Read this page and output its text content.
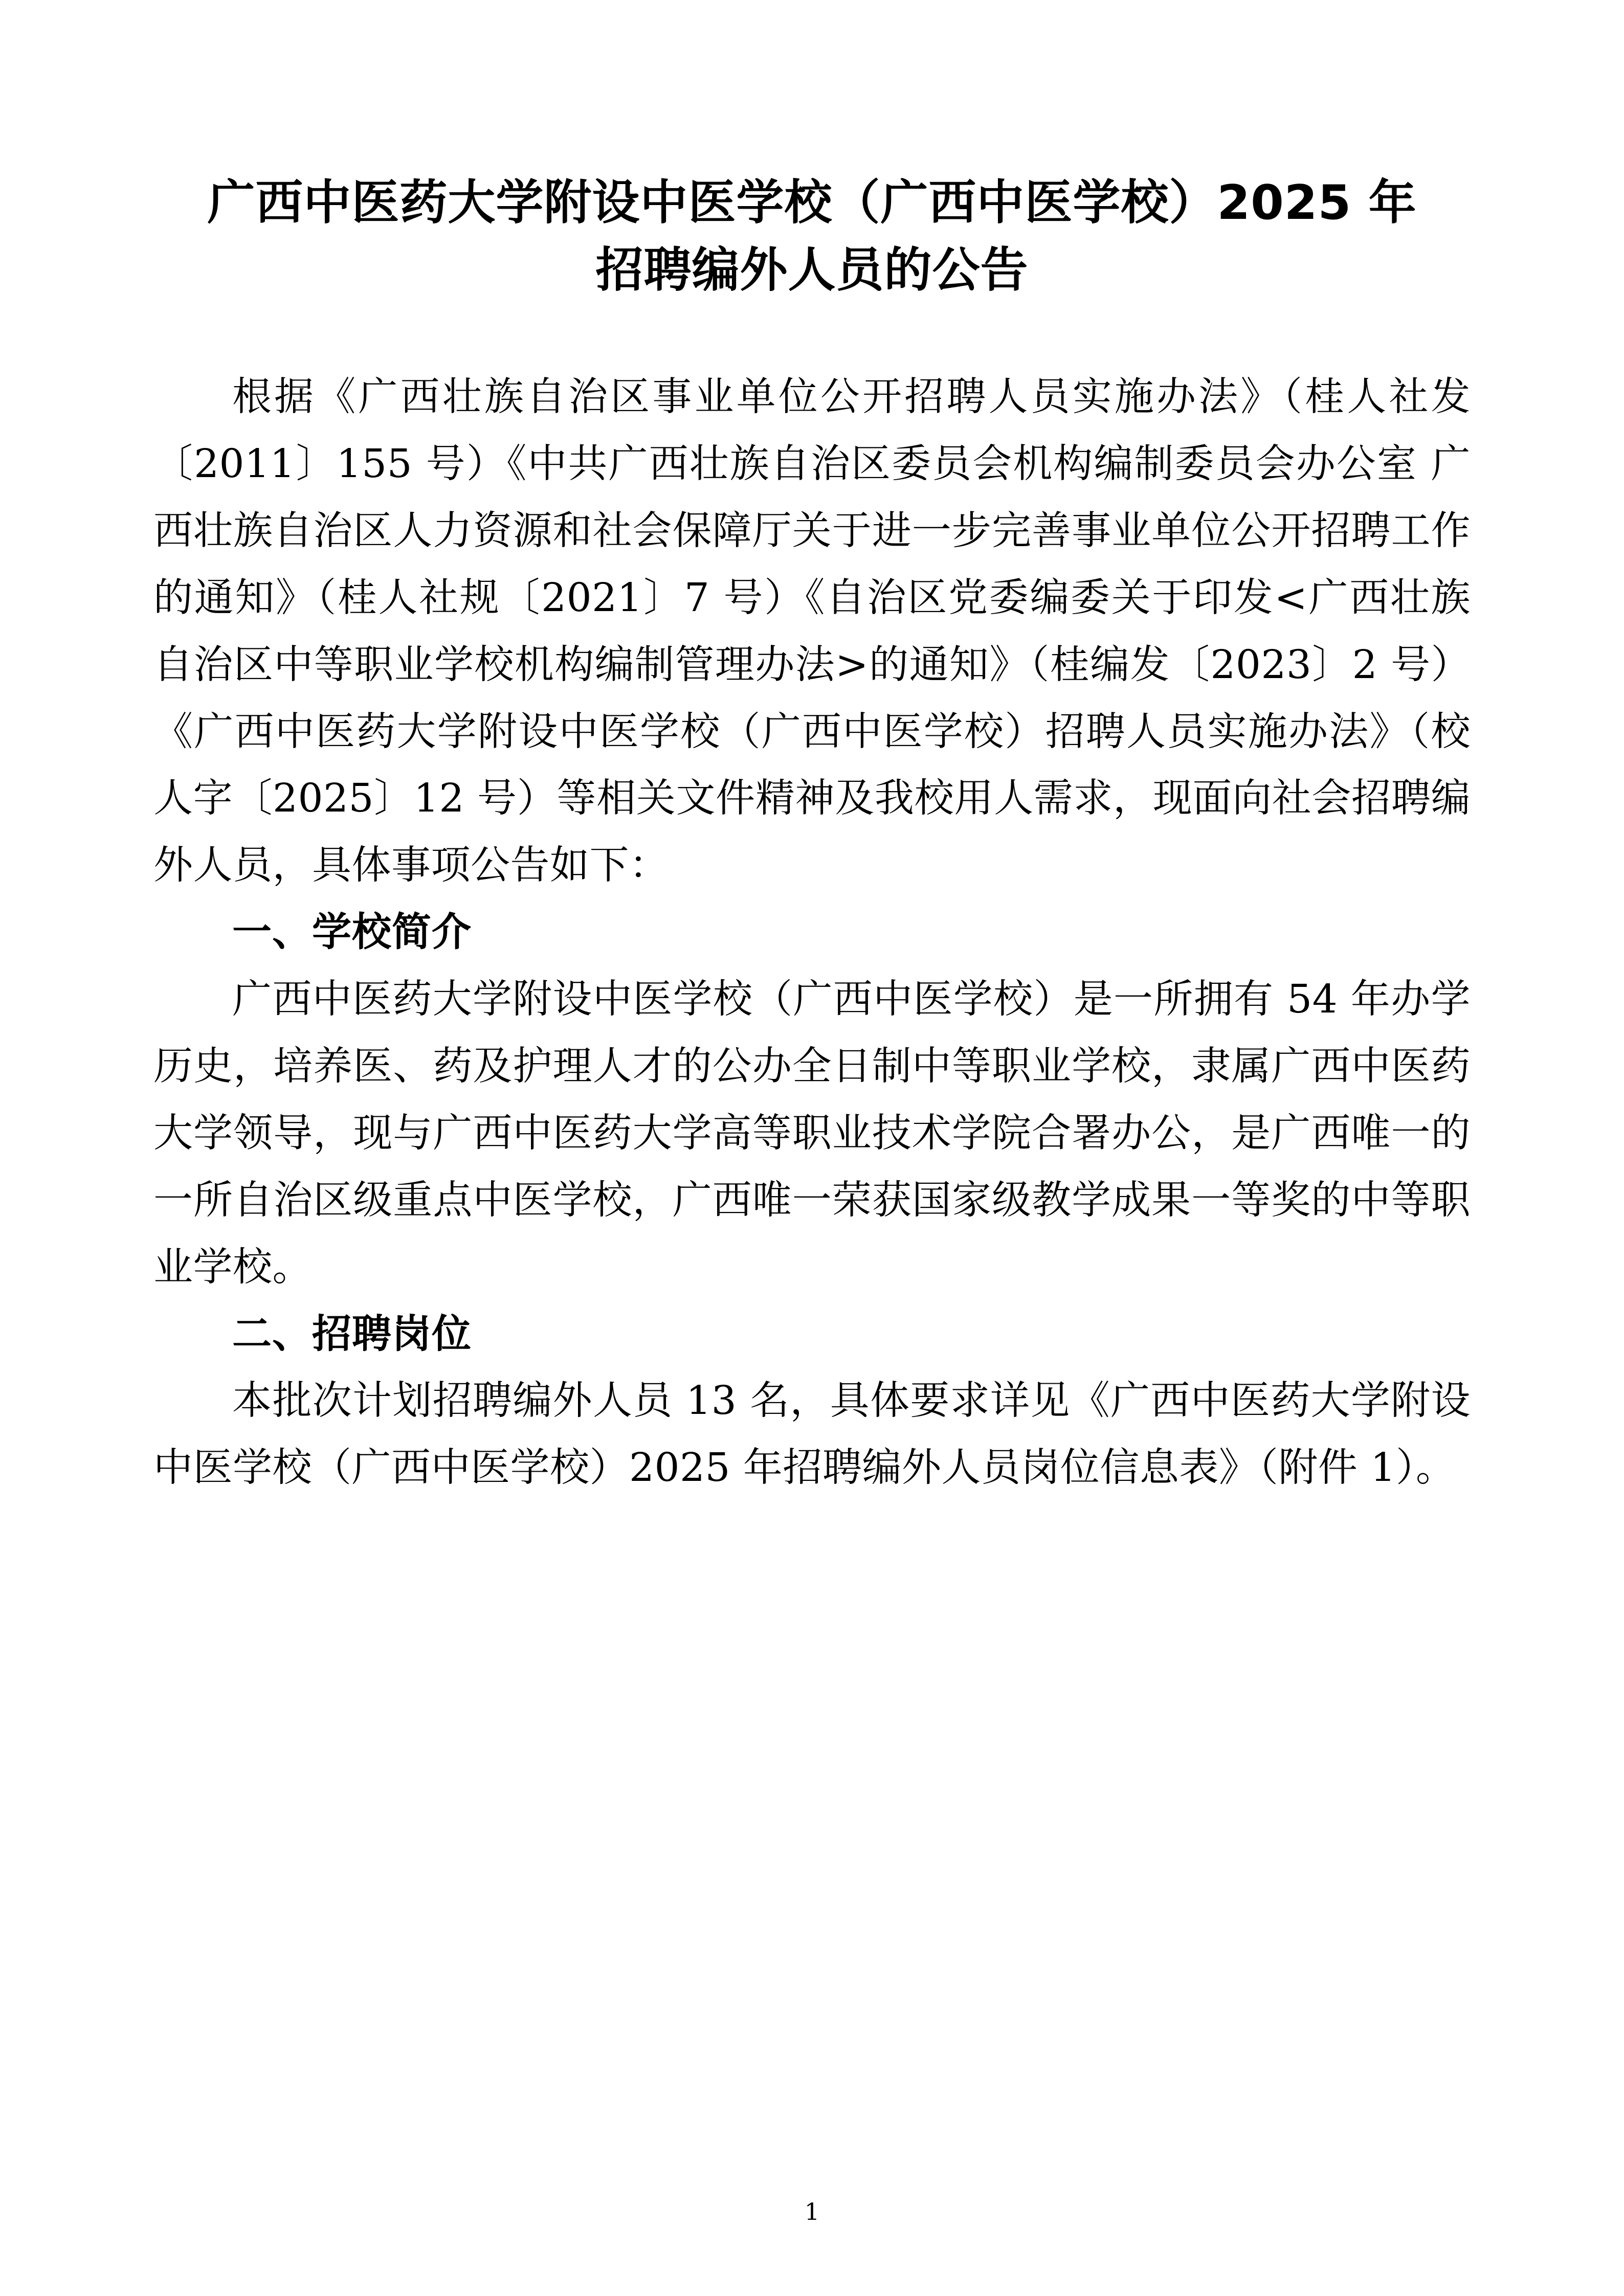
广西中医药大学附设中医学校（广西中医学校）2025 年招聘编外人员的公告

根据《广西壮族自治区事业单位公开招聘人员实施办法》（桂人社发〔2011〕155 号）《中共广西壮族自治区委员会机构编制委员会办公室 广西壮族自治区人力资源和社会保障厅关于进一步完善事业单位公开招聘工作的通知》（桂人社规〔2021〕7 号）《自治区党委编委关于印发<广西壮族自治区中等职业学校机构编制管理办法>的通知》（桂编发〔2023〕2 号）《广西中医药大学附设中医学校（广西中医学校）招聘人员实施办法》（校人字〔2025〕12 号）等相关文件精神及我校用人需求，现面向社会招聘编外人员，具体事项公告如下：

一、学校简介

广西中医药大学附设中医学校（广西中医学校）是一所拥有 54 年办学历史，培养医、药及护理人才的公办全日制中等职业学校，隶属广西中医药大学领导，现与广西中医药大学高等职业技术学院合署办公，是广西唯一的一所自治区级重点中医学校，广西唯一荣获国家级教学成果一等奖的中等职业学校。

二、招聘岗位

本批次计划招聘编外人员 13 名，具体要求详见《广西中医药大学附设中医学校（广西中医学校）2025 年招聘编外人员岗位信息表》（附件 1）。

1
